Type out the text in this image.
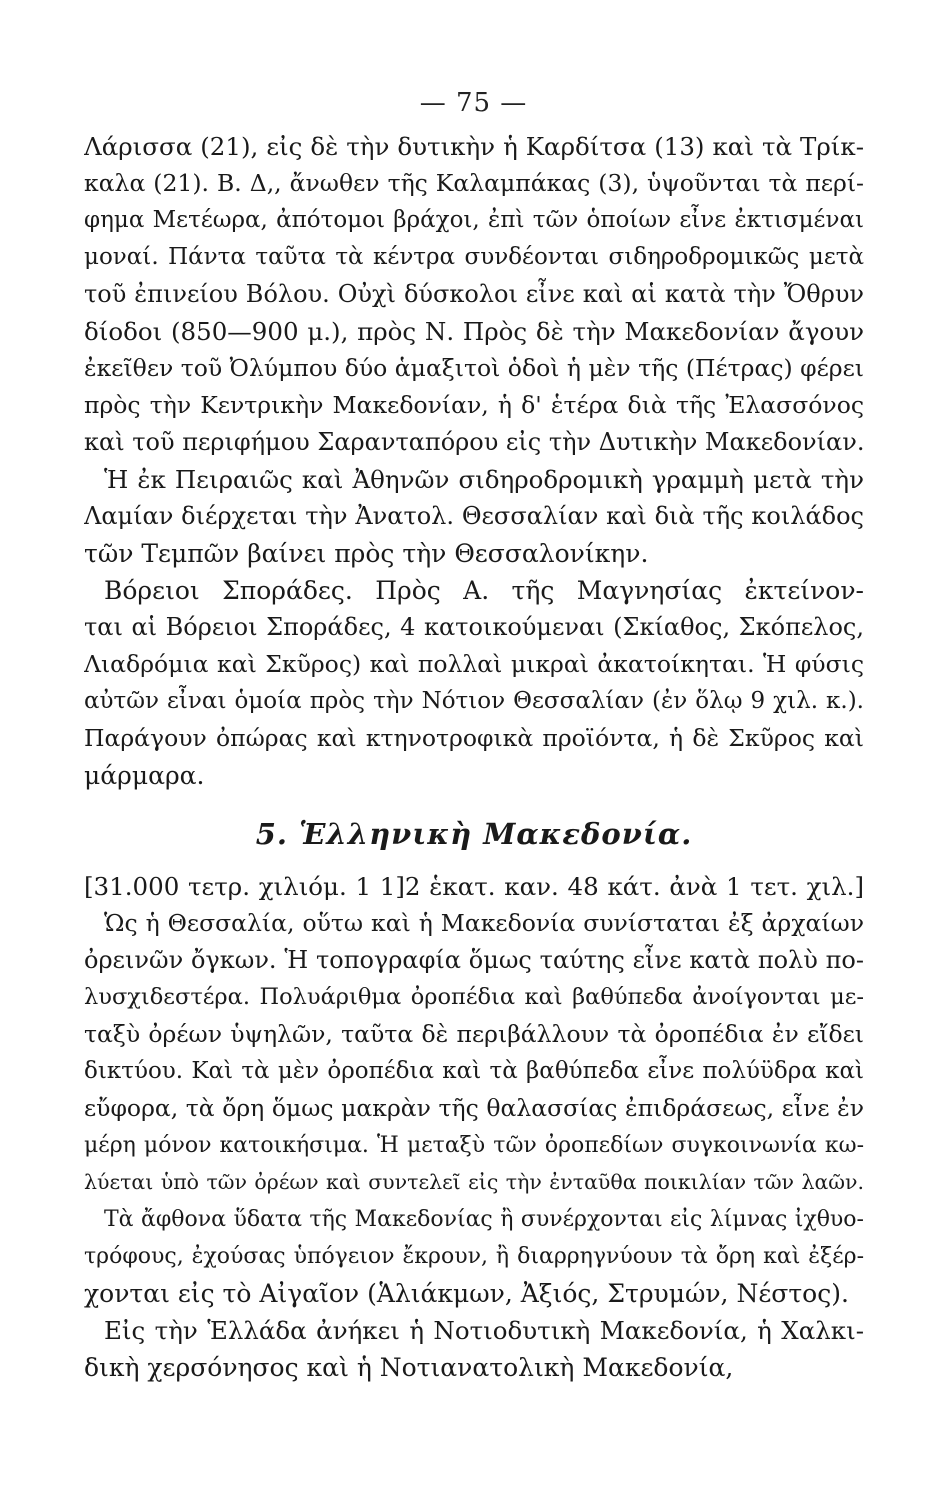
— 75 —
Λάρισσα (21), εἰς δὲ τὴν δυτικὴν ἡ Καρδίτσα (13) καὶ τὰ Τρίκ-
καλα (21). Β. Δ,, ἄνωθεν τῆς Καλαμπάκας (3), ὑψοῦνται τὰ περί-
φημα Μετέωρα, ἀπότομοι βράχοι, ἐπὶ τῶν ὁποίων εἶνε ἐκτισμέναι
μοναί. Πάντα ταῦτα τὰ κέντρα συνδέονται σιδηροδρομικῶς μετὰ
τοῦ ἐπινείου Βόλου. Οὐχὶ δύσκολοι εἶνε καὶ αἱ κατὰ τὴν Ὄθρυν
δίοδοι (850—900 μ.), πρὸς Ν. Πρὸς δὲ τὴν Μακεδονίαν ἄγουν
ἐκεῖθεν τοῦ Ὀλύμπου δύο ἁμαξιτοὶ ὁδοὶ ἡ μὲν τῆς (Πέτρας) φέρει
πρὸς τὴν Κεντρικὴν Μακεδονίαν, ἡ δ' ἑτέρα διὰ τῆς Ἐλασσόνος
καὶ τοῦ περιφήμου Σαρανταπόρου εἰς τὴν Δυτικὴν Μακεδονίαν.
Ἡ ἐκ Πειραιῶς καὶ Ἀθηνῶν σιδηροδρομικὴ γραμμὴ μετὰ τὴν
Λαμίαν διέρχεται τὴν Ἀνατολ. Θεσσαλίαν καὶ διὰ τῆς κοιλάδος
τῶν Τεμπῶν βαίνει πρὸς τὴν Θεσσαλονίκην.
Βόρειοι Σποράδες. Πρὸς Α. τῆς Μαγνησίας ἐκτείνον-
ται αἱ Βόρειοι Σποράδες, 4 κατοικούμεναι (Σκίαθος, Σκόπελος,
Λιαδρόμια καὶ Σκῦρος) καὶ πολλαὶ μικραὶ ἀκατοίκηται. Ἡ φύσις
αὐτῶν εἶναι ὁμοία πρὸς τὴν Νότιον Θεσσαλίαν (ἐν ὅλῳ 9 χιλ. κ.).
Παράγουν ὀπώρας καὶ κτηνοτροφικὰ προϊόντα, ἡ δὲ Σκῦρος καὶ
μάρμαρα.
5. Ἑλληνικὴ Μακεδονία.
[31.000 τετρ. χιλιόμ. 1 1]2 ἑκατ. καν. 48 κάτ. ἀνὰ 1 τετ. χιλ.]
Ὡς ἡ Θεσσαλία, οὕτω καὶ ἡ Μακεδονία συνίσταται ἐξ ἀρχαίων
ὀρεινῶν ὄγκων. Ἡ τοπογραφία ὅμως ταύτης εἶνε κατὰ πολὺ πο-
λυσχιδεστέρα. Πολυάριθμα ὀροπέδια καὶ βαθύπεδα ἀνοίγονται με-
ταξὺ ὀρέων ὑψηλῶν, ταῦτα δὲ περιβάλλουν τὰ ὀροπέδια ἐν εἴδει
δικτύου. Καὶ τὰ μὲν ὀροπέδια καὶ τὰ βαθύπεδα εἶνε πολύϋδρα καὶ
εὔφορα, τὰ ὄρη ὅμως μακρὰν τῆς θαλασσίας ἐπιδράσεως, εἶνε ἐν
μέρη μόνον κατοικήσιμα. Ἡ μεταξὺ τῶν ὀροπεδίων συγκοινωνία κω-
λύεται ὑπὸ τῶν ὀρέων καὶ συντελεῖ εἰς τὴν ἐνταῦθα ποικιλίαν τῶν λαῶν.
Τὰ ἄφθονα ὕδατα τῆς Μακεδονίας ἢ συνέρχονται εἰς λίμνας ἰχθυο-
τρόφους, ἐχούσας ὑπόγειον ἔκρουν, ἢ διαρρηγνύουν τὰ ὄρη καὶ ἐξέρ-
χονται εἰς τὸ Αἰγαῖον (Ἁλιάκμων, Ἀξιός, Στρυμών, Νέστος).
Εἰς τὴν Ἑλλάδα ἀνήκει ἡ Νοτιοδυτικὴ Μακεδονία, ἡ Χαλκι-
δικὴ χερσόνησος καὶ ἡ Νοτιανατολικὴ Μακεδονία,
